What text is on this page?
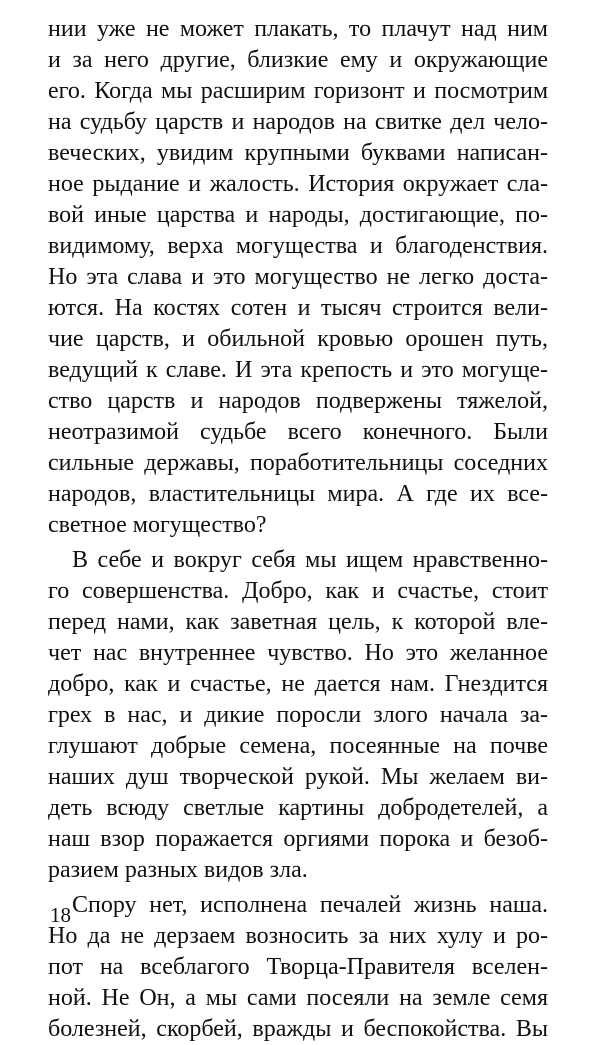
нии уже не может плакать, то плачут над ним
и за него другие, близкие ему и окружающие
его. Когда мы расширим горизонт и посмотрим
на судьбу царств и народов на свитке дел чело-
веческих, увидим крупными буквами написан-
ное рыдание и жалость. История окружает сла-
вой иные царства и народы, достигающие, по-
видимому, верха могущества и благоденствия.
Но эта слава и это могущество не легко доста-
ются. На костях сотен и тысяч строится вели-
чие царств, и обильной кровью орошен путь,
ведущий к славе. И эта крепость и это могуще-
ство царств и народов подвержены тяжелой,
неотразимой судьбе всего конечного. Были
сильные державы, поработительницы соседних
народов, властительницы мира. А где их все-
светное могущество?
В себе и вокруг себя мы ищем нравственно-
го совершенства. Добро, как и счастье, стоит
перед нами, как заветная цель, к которой вле-
чет нас внутреннее чувство. Но это желанное
добро, как и счастье, не дается нам. Гнездится
грех в нас, и дикие поросли злого начала за-
глушают добрые семена, посеянные на почве
наших душ творческой рукой. Мы желаем ви-
деть всюду светлые картины добродетелей, а
наш взор поражается оргиями порока и безоб-
разием разных видов зла.
Спору нет, исполнена печалей жизнь наша.
Но да не дерзаем возносить за них хулу и ро-
пот на всеблагого Творца-Правителя вселен-
ной. Не Он, а мы сами посеяли на земле семя
болезней, скорбей, вражды и беспокойства. Вы
18
